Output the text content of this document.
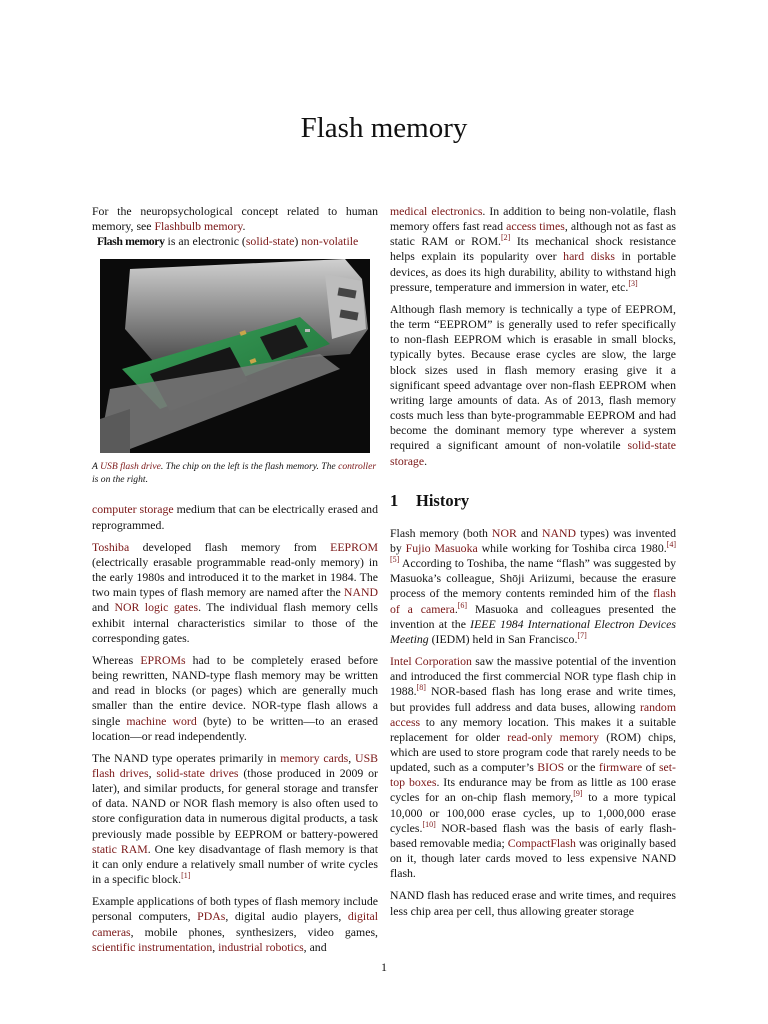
Flash memory

For the neuropsychological concept related to human memory, see Flashbulb memory.

Flash memory is an electronic (solid-state) non-volatile
A USB flash drive. The chip on the left is the flash memory. The controller is on the right.

computer storage medium that can be electrically erased and reprogrammed.

Toshiba developed flash memory from EEPROM (electrically erasable programmable read-only memory) in the early 1980s and introduced it to the market in 1984. The two main types of flash memory are named after the NAND and NOR logic gates. The individual flash memory cells exhibit internal characteristics similar to those of the corresponding gates.

Whereas EPROMs had to be completely erased before being rewritten, NAND-type flash memory may be written and read in blocks (or pages) which are generally much smaller than the entire device. NOR-type flash allows a single machine word (byte) to be written—to an erased location—or read independently.

The NAND type operates primarily in memory cards, USB flash drives, solid-state drives (those produced in 2009 or later), and similar products, for general storage and transfer of data. NAND or NOR flash memory is also often used to store configuration data in numerous digital products, a task previously made possible by EEPROM or battery-powered static RAM. One key disadvantage of flash memory is that it can only endure a relatively small number of write cycles in a specific block.[1]

Example applications of both types of flash memory include personal computers, PDAs, digital audio players, digital cameras, mobile phones, synthesizers, video games, scientific instrumentation, industrial robotics, and

medical electronics. In addition to being non-volatile, flash memory offers fast read access times, although not as fast as static RAM or ROM.[2] Its mechanical shock resistance helps explain its popularity over hard disks in portable devices, as does its high durability, ability to withstand high pressure, temperature and immersion in water, etc.[3]

Although flash memory is technically a type of EEPROM, the term “EEPROM” is generally used to refer specifically to non-flash EEPROM which is erasable in small blocks, typically bytes. Because erase cycles are slow, the large block sizes used in flash memory erasing give it a significant speed advantage over non-flash EEPROM when writing large amounts of data. As of 2013, flash memory costs much less than byte-programmable EEPROM and had become the dominant memory type wherever a system required a significant amount of non-volatile solid-state storage.

1 History

Flash memory (both NOR and NAND types) was invented by Fujio Masuoka while working for Toshiba circa 1980.[4][5] According to Toshiba, the name “flash” was suggested by Masuoka’s colleague, Shōji Ariizumi, because the erasure process of the memory contents reminded him of the flash of a camera.[6] Masuoka and colleagues presented the invention at the IEEE 1984 International Electron Devices Meeting (IEDM) held in San Francisco.[7]

Intel Corporation saw the massive potential of the invention and introduced the first commercial NOR type flash chip in 1988.[8] NOR-based flash has long erase and write times, but provides full address and data buses, allowing random access to any memory location. This makes it a suitable replacement for older read-only memory (ROM) chips, which are used to store program code that rarely needs to be updated, such as a computer’s BIOS or the firmware of set-top boxes. Its endurance may be from as little as 100 erase cycles for an on-chip flash memory,[9] to a more typical 10,000 or 100,000 erase cycles, up to 1,000,000 erase cycles.[10] NOR-based flash was the basis of early flash-based removable media; CompactFlash was originally based on it, though later cards moved to less expensive NAND flash.

NAND flash has reduced erase and write times, and requires less chip area per cell, thus allowing greater storage

1
